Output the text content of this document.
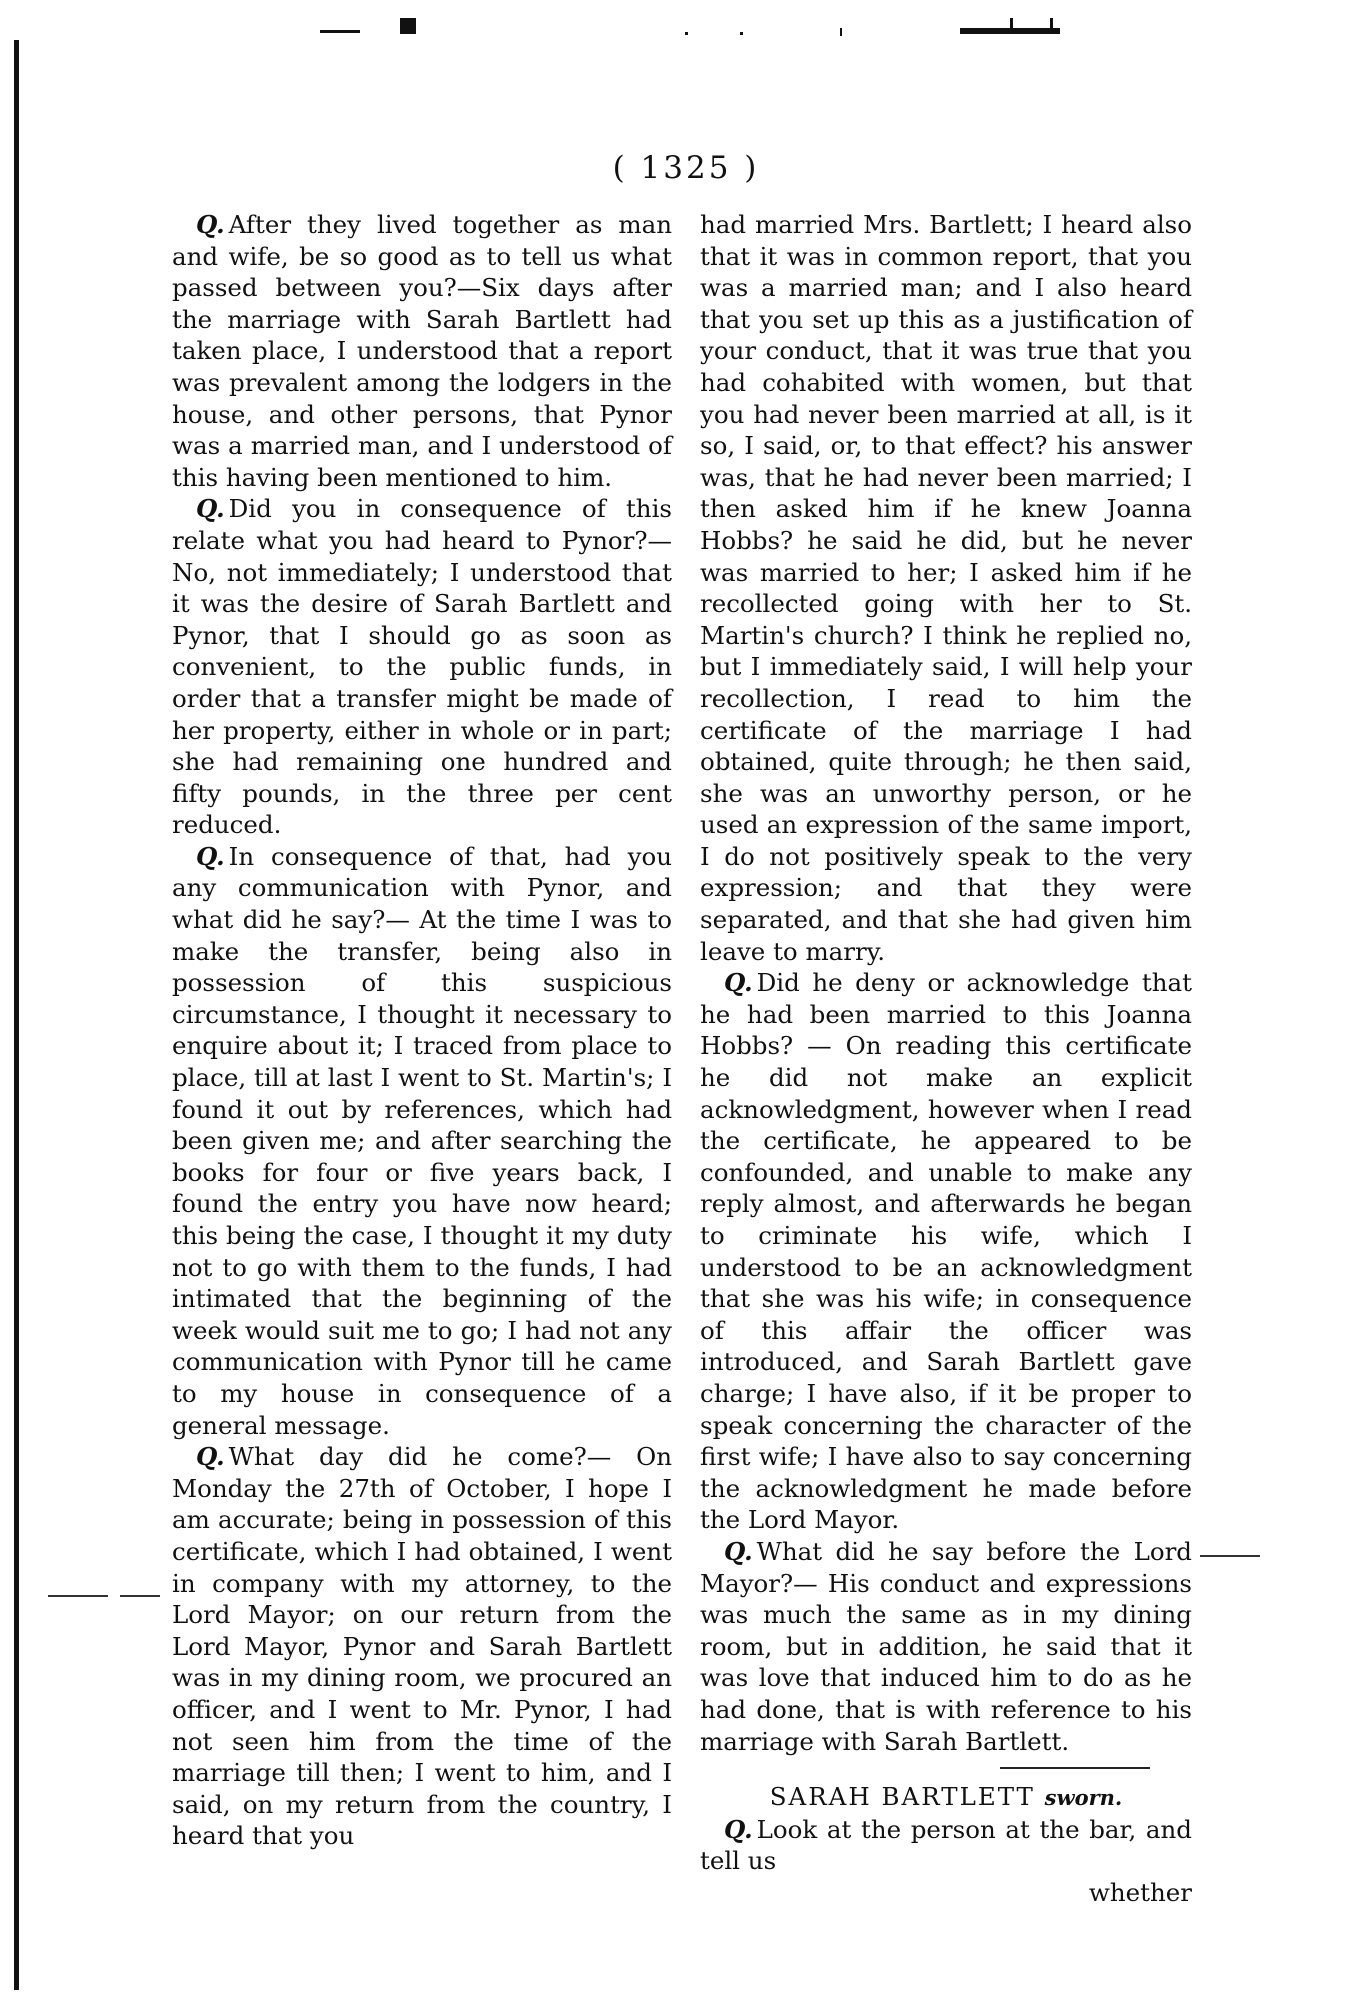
( 1325 )

Q. After they lived together as man and wife, be so good as to tell us what passed between you?—Six days after the marriage with Sarah Bartlett had taken place, I understood that a report was prevalent among the lodgers in the house, and other persons, that Pynor was a married man, and I understood of this having been mentioned to him.

Q. Did you in consequence of this relate what you had heard to Pynor?— No, not immediately; I understood that it was the desire of Sarah Bartlett and Pynor, that I should go as soon as convenient, to the public funds, in order that a transfer might be made of her property, either in whole or in part; she had remaining one hundred and fifty pounds, in the three per cent reduced.

Q. In consequence of that, had you any communication with Pynor, and what did he say?— At the time I was to make the transfer, being also in possession of this suspicious circumstance, I thought it necessary to enquire about it; I traced from place to place, till at last I went to St. Martin's; I found it out by references, which had been given me; and after searching the books for four or five years back, I found the entry you have now heard; this being the case, I thought it my duty not to go with them to the funds, I had intimated that the beginning of the week would suit me to go; I had not any communication with Pynor till he came to my house in consequence of a general message.

Q. What day did he come?— On Monday the 27th of October, I hope I am accurate; being in possession of this certificate, which I had obtained, I went in company with my attorney, to the Lord Mayor; on our return from the Lord Mayor, Pynor and Sarah Bartlett was in my dining room, we procured an officer, and I went to Mr. Pynor, I had not seen him from the time of the marriage till then; I went to him, and I said, on my return from the country, I heard that you

had married Mrs. Bartlett; I heard also that it was in common report, that you was a married man; and I also heard that you set up this as a justification of your conduct, that it was true that you had cohabited with women, but that you had never been married at all, is it so, I said, or, to that effect? his answer was, that he had never been married; I then asked him if he knew Joanna Hobbs? he said he did, but he never was married to her; I asked him if he recollected going with her to St. Martin's church? I think he replied no, but I immediately said, I will help your recollection, I read to him the certificate of the marriage I had obtained, quite through; he then said, she was an unworthy person, or he used an expression of the same import, I do not positively speak to the very expression; and that they were separated, and that she had given him leave to marry.

Q. Did he deny or acknowledge that he had been married to this Joanna Hobbs? — On reading this certificate he did not make an explicit acknowledgment, however when I read the certificate, he appeared to be confounded, and unable to make any reply almost, and afterwards he began to criminate his wife, which I understood to be an acknowledgment that she was his wife; in consequence of this affair the officer was introduced, and Sarah Bartlett gave charge; I have also, if it be proper to speak concerning the character of the first wife; I have also to say concerning the acknowledgment he made before the Lord Mayor.

Q. What did he say before the Lord Mayor?— His conduct and expressions was much the same as in my dining room, but in addition, he said that it was love that induced him to do as he had done, that is with reference to his marriage with Sarah Bartlett.

SARAH BARTLETT sworn.

Q. Look at the person at the bar, and tell us

whether
